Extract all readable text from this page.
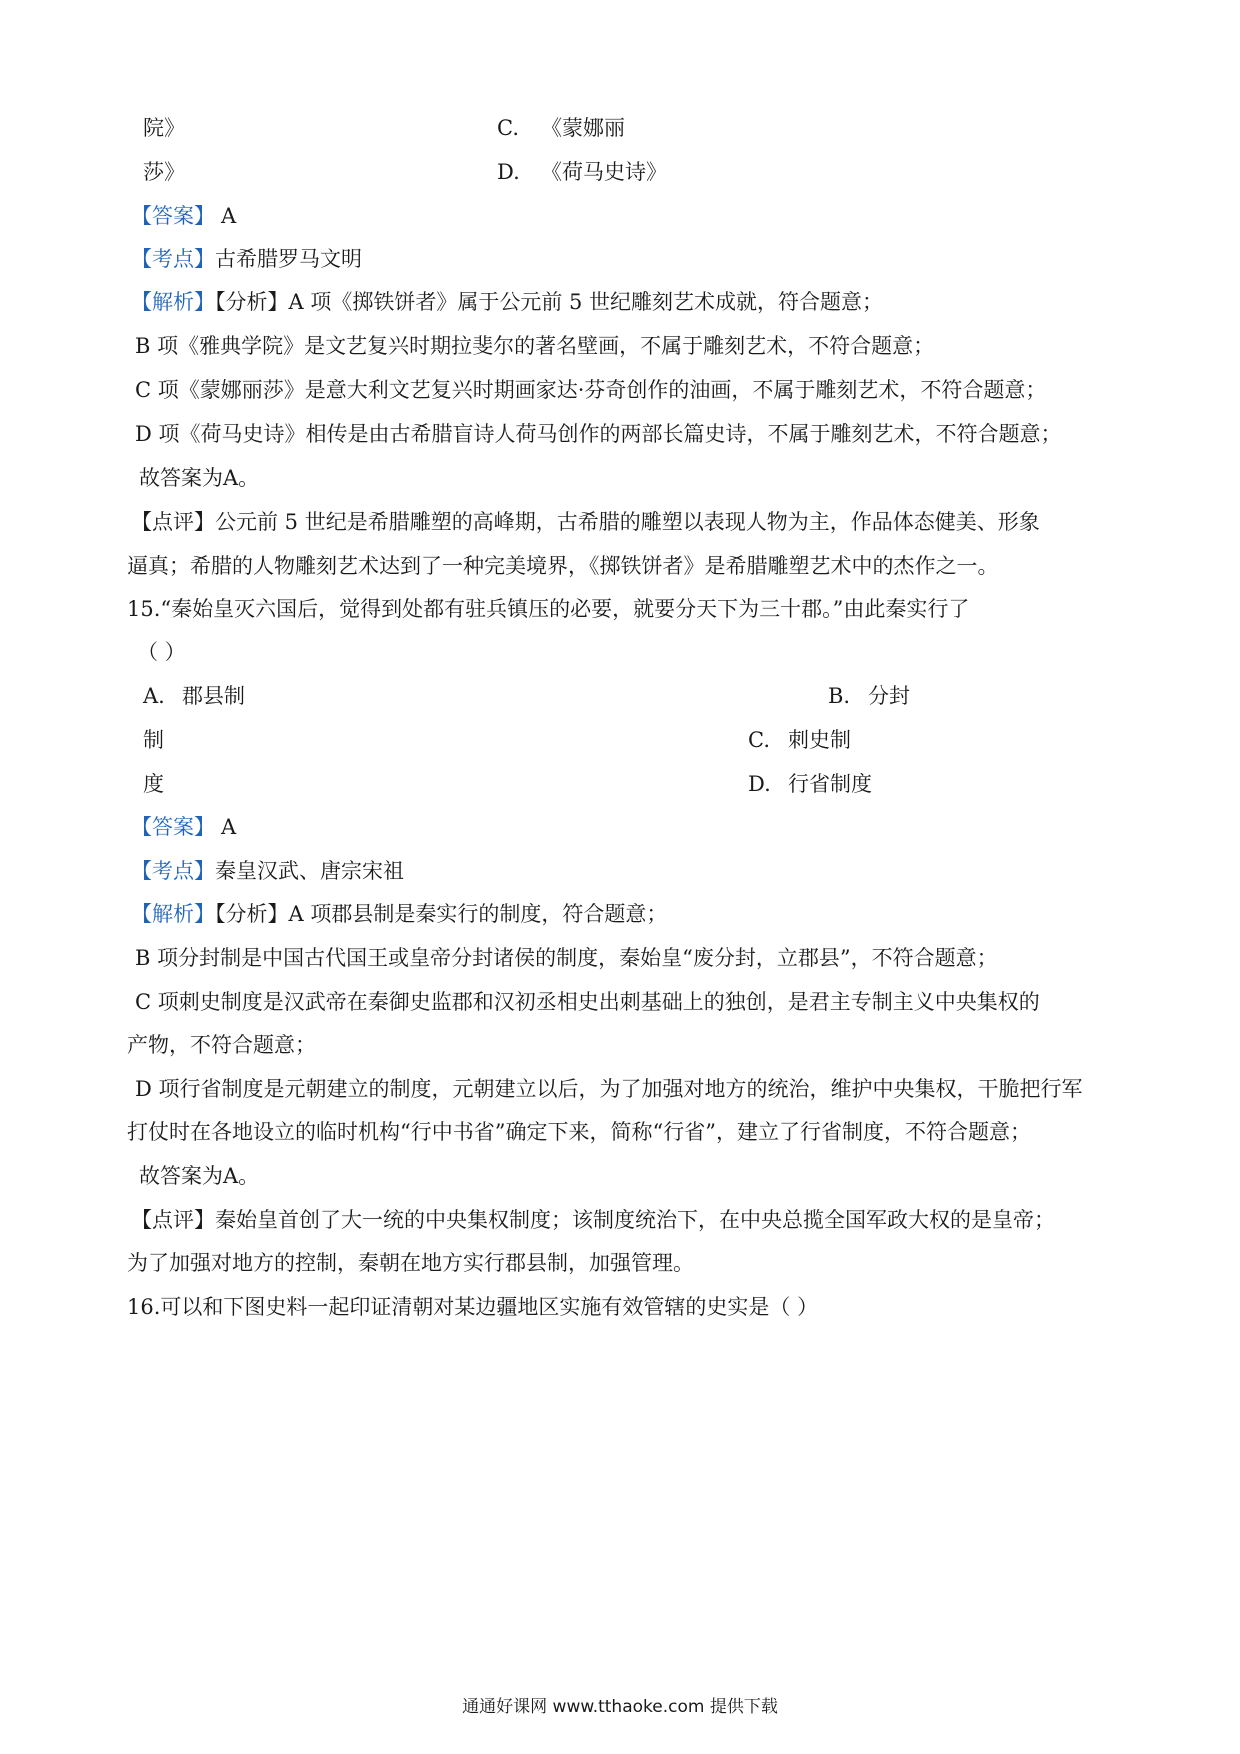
院》	C. 《蒙娜丽
莎》	D. 《荷马史诗》
【答案】 A
【考点】古希腊罗马文明
【解析】【分析】A 项《掷铁饼者》属于公元前 5 世纪雕刻艺术成就，符合题意；
B 项《雅典学院》是文艺复兴时期拉斐尔的著名壁画，不属于雕刻艺术，不符合题意；
C 项《蒙娜丽莎》是意大利文艺复兴时期画家达·芬奇创作的油画，不属于雕刻艺术，不符合题意；
D 项《荷马史诗》相传是由古希腊盲诗人荷马创作的两部长篇史诗，不属于雕刻艺术，不符合题意；
故答案为A。
【点评】公元前 5 世纪是希腊雕塑的高峰期，古希腊的雕塑以表现人物为主，作品体态健美、形象
逼真；希腊的人物雕刻艺术达到了一种完美境界，《掷铁饼者》是希腊雕塑艺术中的杰作之一。
15.“秦始皇灭六国后，觉得到处都有驻兵镇压的必要，就要分天下为三十郡。”由此秦实行了
（ ）
A. 郡县制	B. 分封
制	C. 刺史制
度	D. 行省制度
【答案】 A
【考点】秦皇汉武、唐宗宋祖
【解析】【分析】A 项郡县制是秦实行的制度，符合题意；
B 项分封制是中国古代国王或皇帝分封诸侯的制度，秦始皇“废分封，立郡县”，不符合题意；
C 项刺史制度是汉武帝在秦御史监郡和汉初丞相史出刺基础上的独创，是君主专制主义中央集权的
产物，不符合题意；
D 项行省制度是元朝建立的制度，元朝建立以后，为了加强对地方的统治，维护中央集权，干脆把行军
打仗时在各地设立的临时机构“行中书省”确定下来，简称“行省”，建立了行省制度，不符合题意；
故答案为A。
【点评】秦始皇首创了大一统的中央集权制度；该制度统治下，在中央总揽全国军政大权的是皇帝；
为了加强对地方的控制，秦朝在地方实行郡县制，加强管理。
16.可以和下图史料一起印证清朝对某边疆地区实施有效管辖的史实是（ ）
通通好课网 www.tthaoke.com 提供下载
